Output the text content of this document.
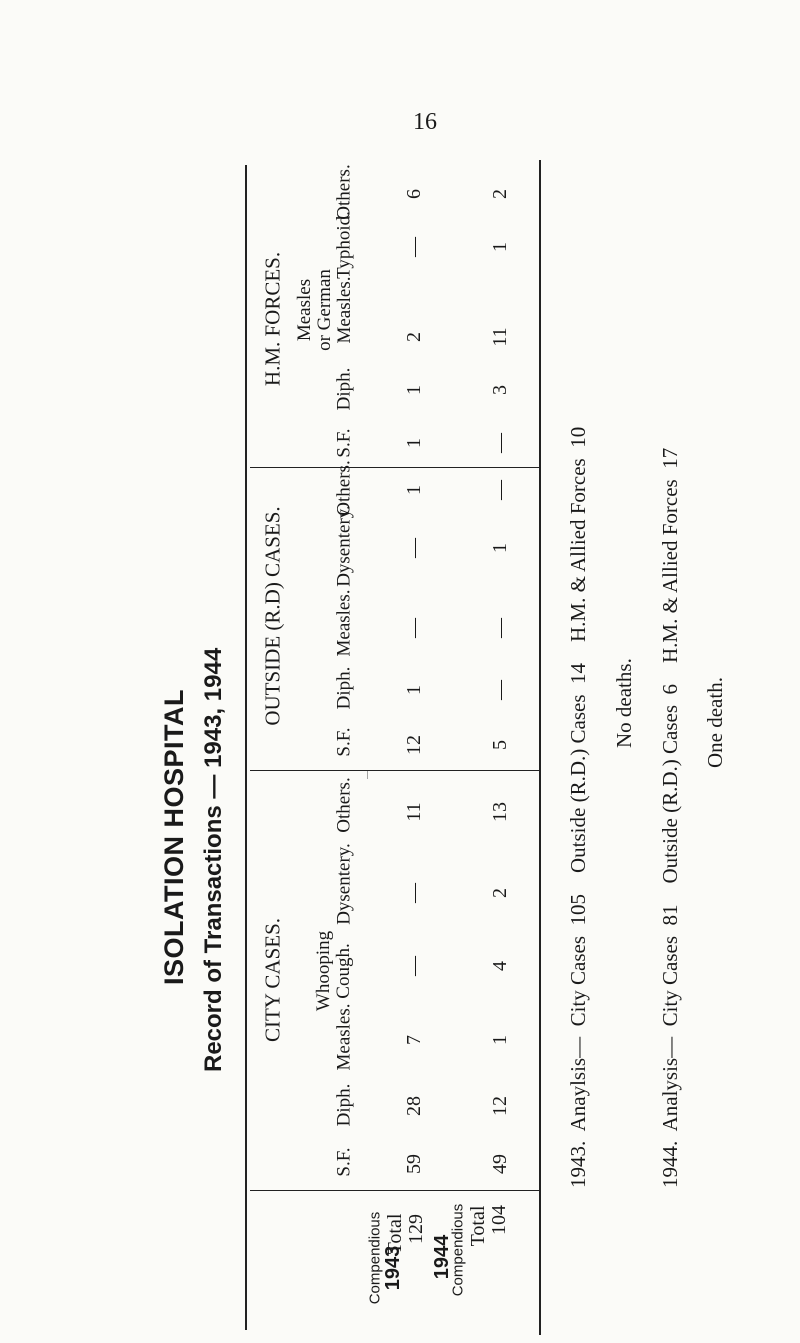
16
ISOLATION HOSPITAL Record of Transactions — 1943, 1944
H.M. FORCES.
OUTSIDE (R.D) CASES.
CITY CASES.
S.F.
Diph.
Measles
or German
Measles.
Typhoid.
Others.
S.F.
Diph.
Measles.
Dysentery.
Others.
S.F.
Diph.
Measles.
Whooping
Cough.
Dysentery.
Others.
1943
Compendious Total 129
1944
Compendious Total 104
59
28
7
—
—
11
12
1
—
—
1
1
1
2
—
6
49
12
1
4
2
13
5
—
—
1
—
—
3
11
1
2
1943.  Anaylsis—  City Cases  105    Outside (R.D.) Cases  14    H.M. & Allied Forces  10 No deaths. 1944.  Analysis—  City Cases  81    Outside (R.D.) Cases  6    H.M. & Allied Forces  17 One death.
